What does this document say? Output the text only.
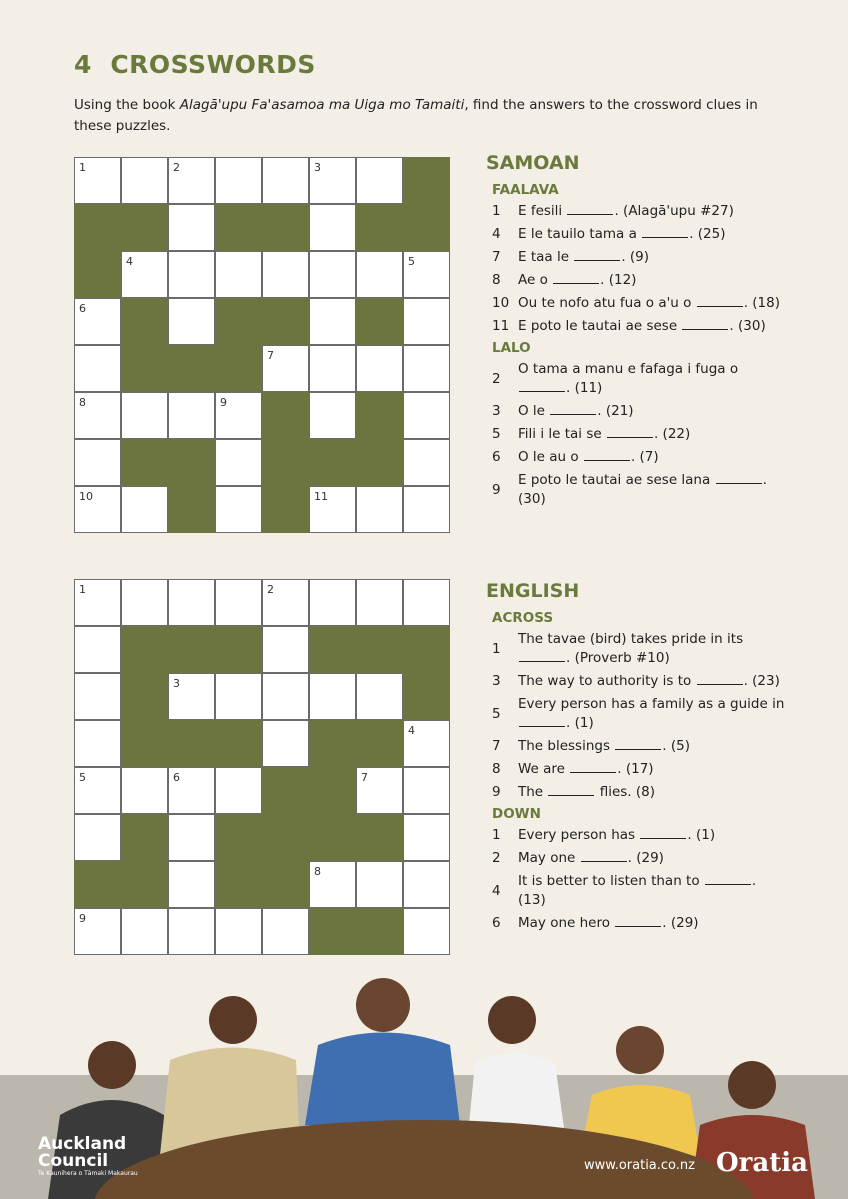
4 CROSSWORDS
Using the book Alagā'upu Fa'asamoa ma Uiga mo Tamaiti, find the answers to the crossword clues in these puzzles.
1	2	3
4	5
6
7
8	9
10	11
1	2
3
4
5	6	7
8
9
SAMOAN
FAALAVA
1	E fesili	. (Alagā'upu #27)
4	E le tauilo tama a	. (25)
7	E taa le	. (9)
8	Ae o	. (12)
10 Ou te nofo atu fua o a'u o	. (18)
11 E poto le tautai ae sese	. (30)
LALO
2
O tama a manu e fafaga i fuga o . (11)
3	O le	. (21)
5	Fili i le tai se	. (22)
6	O le au o	. (7)
9
E poto le tautai ae sese lana	. (30)
ENGLISH
ACROSS
1
The tavae (bird) takes pride in its . (Proverb #10)
3	The way to authority is to	. (23)
5
Every person has a family as a guide in . (1)
7	The blessings	. (5)
8	We are	. (17)
9	The	flies. (8)
DOWN
1	Every person has	. (1)
2	May one	. (29)
4
It is better to listen than to	. (13)
6	May one hero	. (29)
Auckland
Council
Te Kaunihera o Tāmaki Makaurau
www.oratia.co.nz Oratia
